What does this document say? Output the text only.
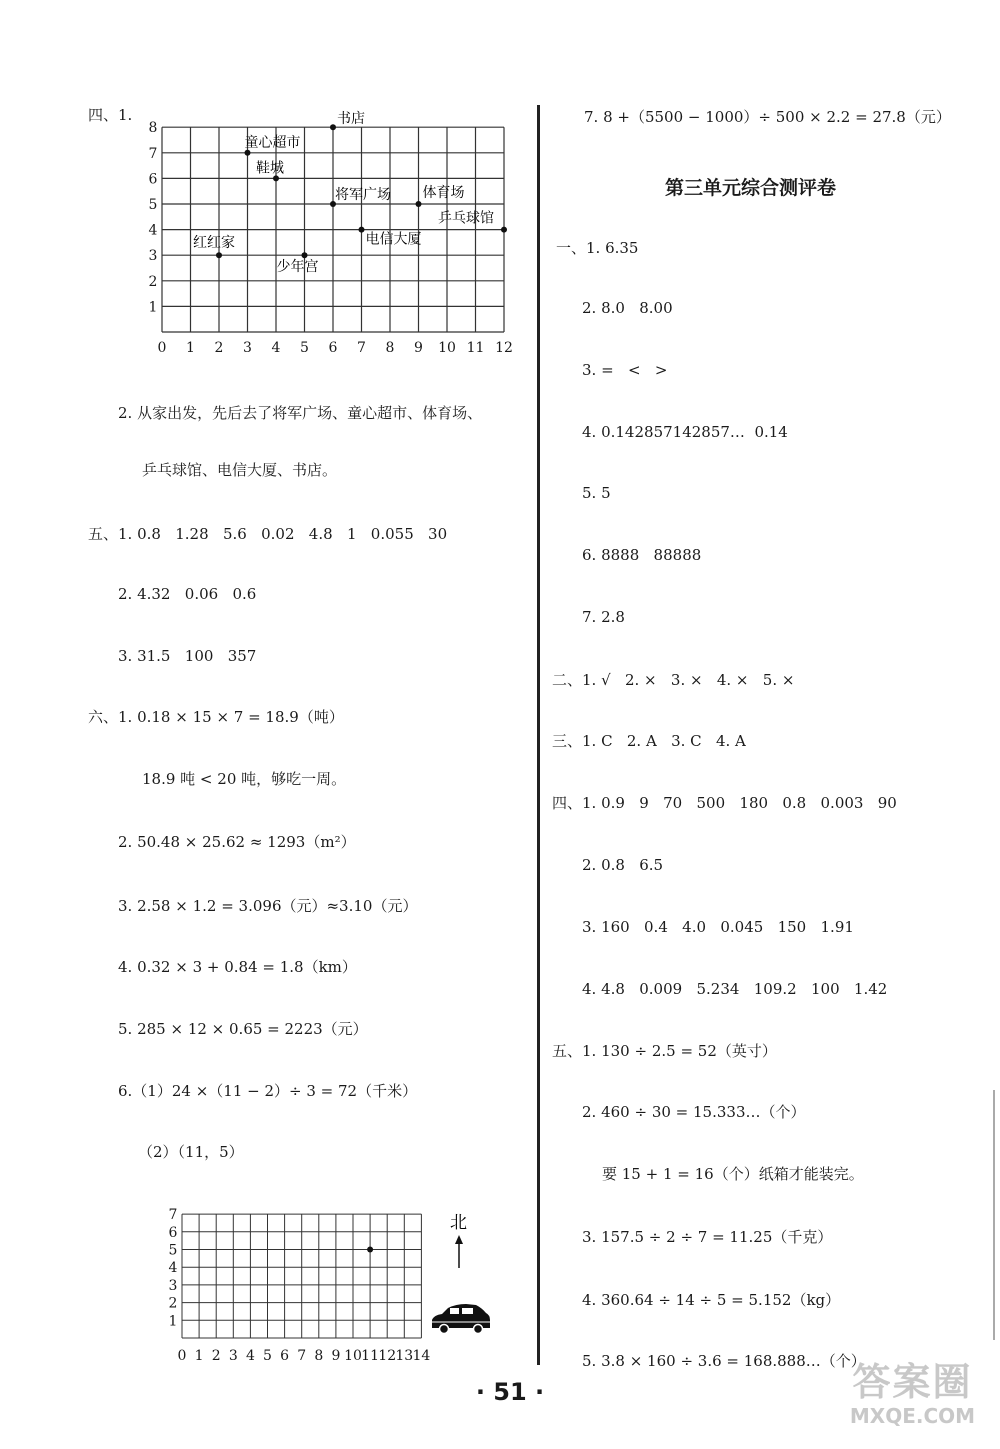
四、1.
0 1 2 3 4 5 6 7 8 9 10 11 12
1
2
3
4
5
6
7
8
书店
童心超市
鞋城
将军广场 体育场
乒乓球馆
电信大厦
红红家
少年宫
2. 从家出发，先后去了将军广场、童心超市、体育场、
乒乓球馆、电信大厦、书店。
五、1. 0.8   1.28   5.6   0.02   4.8   1   0.055   30
2. 4.32   0.06   0.6
3. 31.5   100   357
六、1. 0.18 × 15 × 7 = 18.9（吨）
18.9 吨 < 20 吨，够吃一周。
2. 50.48 × 25.62 ≈ 1293（m²）
3. 2.58 × 1.2 = 3.096（元）≈3.10（元）
4. 0.32 × 3 + 0.84 = 1.8（km）
5. 285 × 12 × 0.65 = 2223（元）
6.（1）24 ×（11 − 2）÷ 3 = 72（千米）
（2）（11，5）
0 1 2 3 4 5 6 7 8 9 10 11 12 13 14
1
2
3
4
5
6
7	北
7. 8 +（5500 − 1000）÷ 500 × 2.2 = 27.8（元）
第三单元综合测评卷
一、1. 6.35
2. 8.0   8.00
3. =   <   >
4. 0.142857142857…  0.14
5. 5
6. 8888   88888
7. 2.8
二、1. √   2. ×   3. ×   4. ×   5. ×
三、1. C   2. A   3. C   4. A
四、1. 0.9   9   70   500   180   0.8   0.003   90
2. 0.8   6.5
3. 160   0.4   4.0   0.045   150   1.91
4. 4.8   0.009   5.234   109.2   100   1.42
五、1. 130 ÷ 2.5 = 52（英寸）
2. 460 ÷ 30 = 15.333…（个）
要 15 + 1 = 16（个）纸箱才能装完。
3. 157.5 ÷ 2 ÷ 7 = 11.25（千克）
4. 360.64 ÷ 14 ÷ 5 = 5.152（kg）
5. 3.8 × 160 ÷ 3.6 = 168.888…（个）
· 51 ·	答案圈
MXQE.COM
